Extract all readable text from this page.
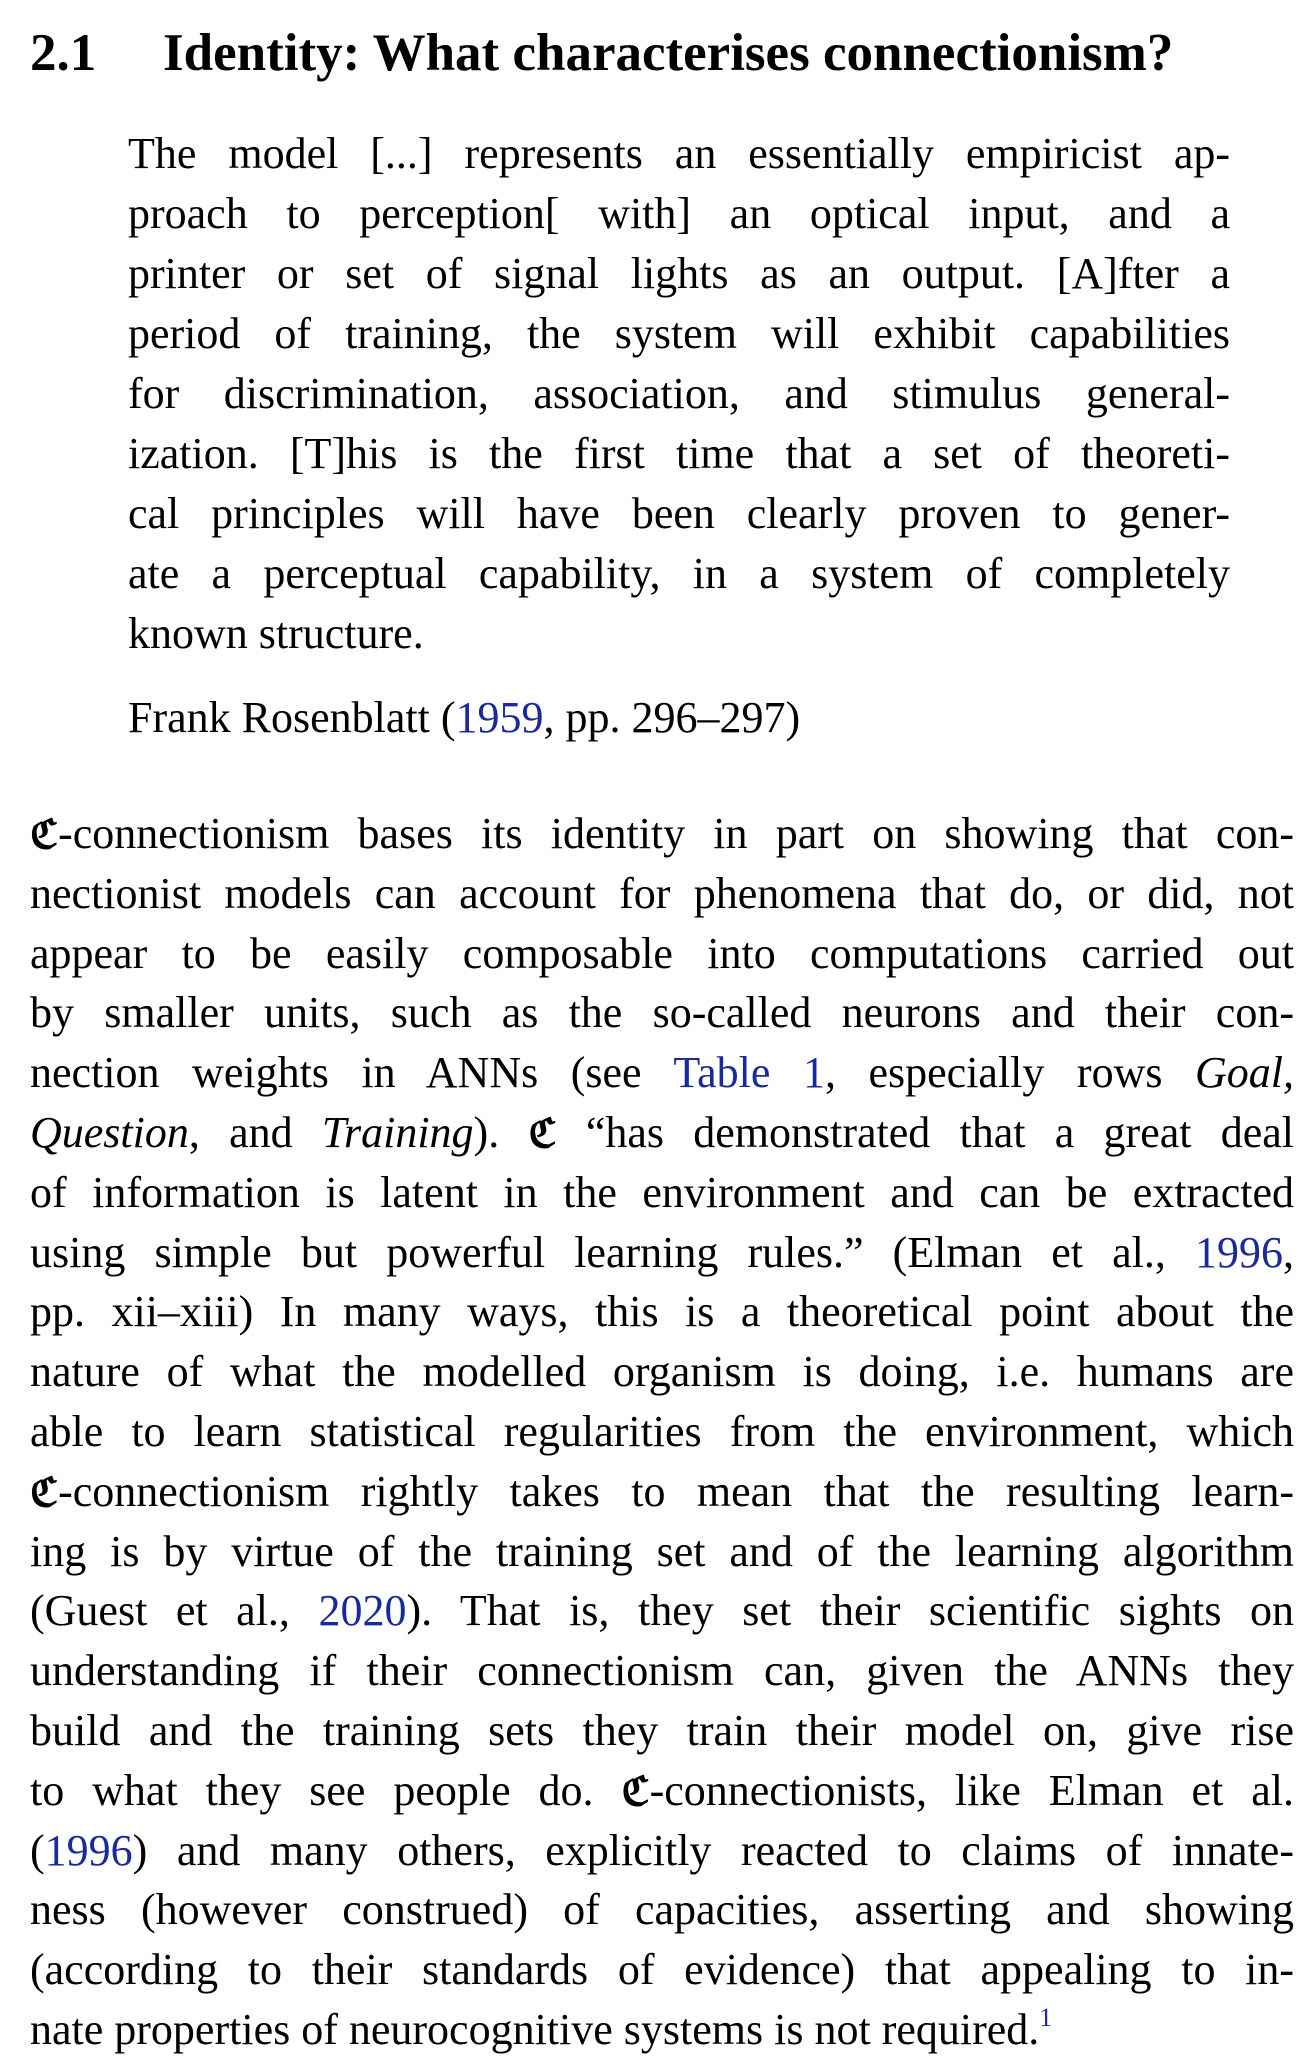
2.1 Identity: What characterises connectionism?
The model [...] represents an essentially empiricist ap-
proach to perception[ with] an optical input, and a
printer or set of signal lights as an output. [A]fter a
period of training, the system will exhibit capabilities
for discrimination, association, and stimulus general-
ization. [T]his is the first time that a set of theoreti-
cal principles will have been clearly proven to gener-
ate a perceptual capability, in a system of completely
known structure.
Frank Rosenblatt (1959, pp. 296–297)
ℭ-connectionism bases its identity in part on showing that con-
nectionist models can account for phenomena that do, or did, not
appear to be easily composable into computations carried out
by smaller units, such as the so-called neurons and their con-
nection weights in ANNs (see Table 1, especially rows Goal,
Question, and Training). ℭ “has demonstrated that a great deal
of information is latent in the environment and can be extracted
using simple but powerful learning rules.” (Elman et al., 1996,
pp. xii–xiii) In many ways, this is a theoretical point about the
nature of what the modelled organism is doing, i.e. humans are
able to learn statistical regularities from the environment, which
ℭ-connectionism rightly takes to mean that the resulting learn-
ing is by virtue of the training set and of the learning algorithm
(Guest et al., 2020). That is, they set their scientific sights on
understanding if their connectionism can, given the ANNs they
build and the training sets they train their model on, give rise
to what they see people do. ℭ-connectionists, like Elman et al.
(1996) and many others, explicitly reacted to claims of innate-
ness (however construed) of capacities, asserting and showing
(according to their standards of evidence) that appealing to in-
nate properties of neurocognitive systems is not required.$^1$
